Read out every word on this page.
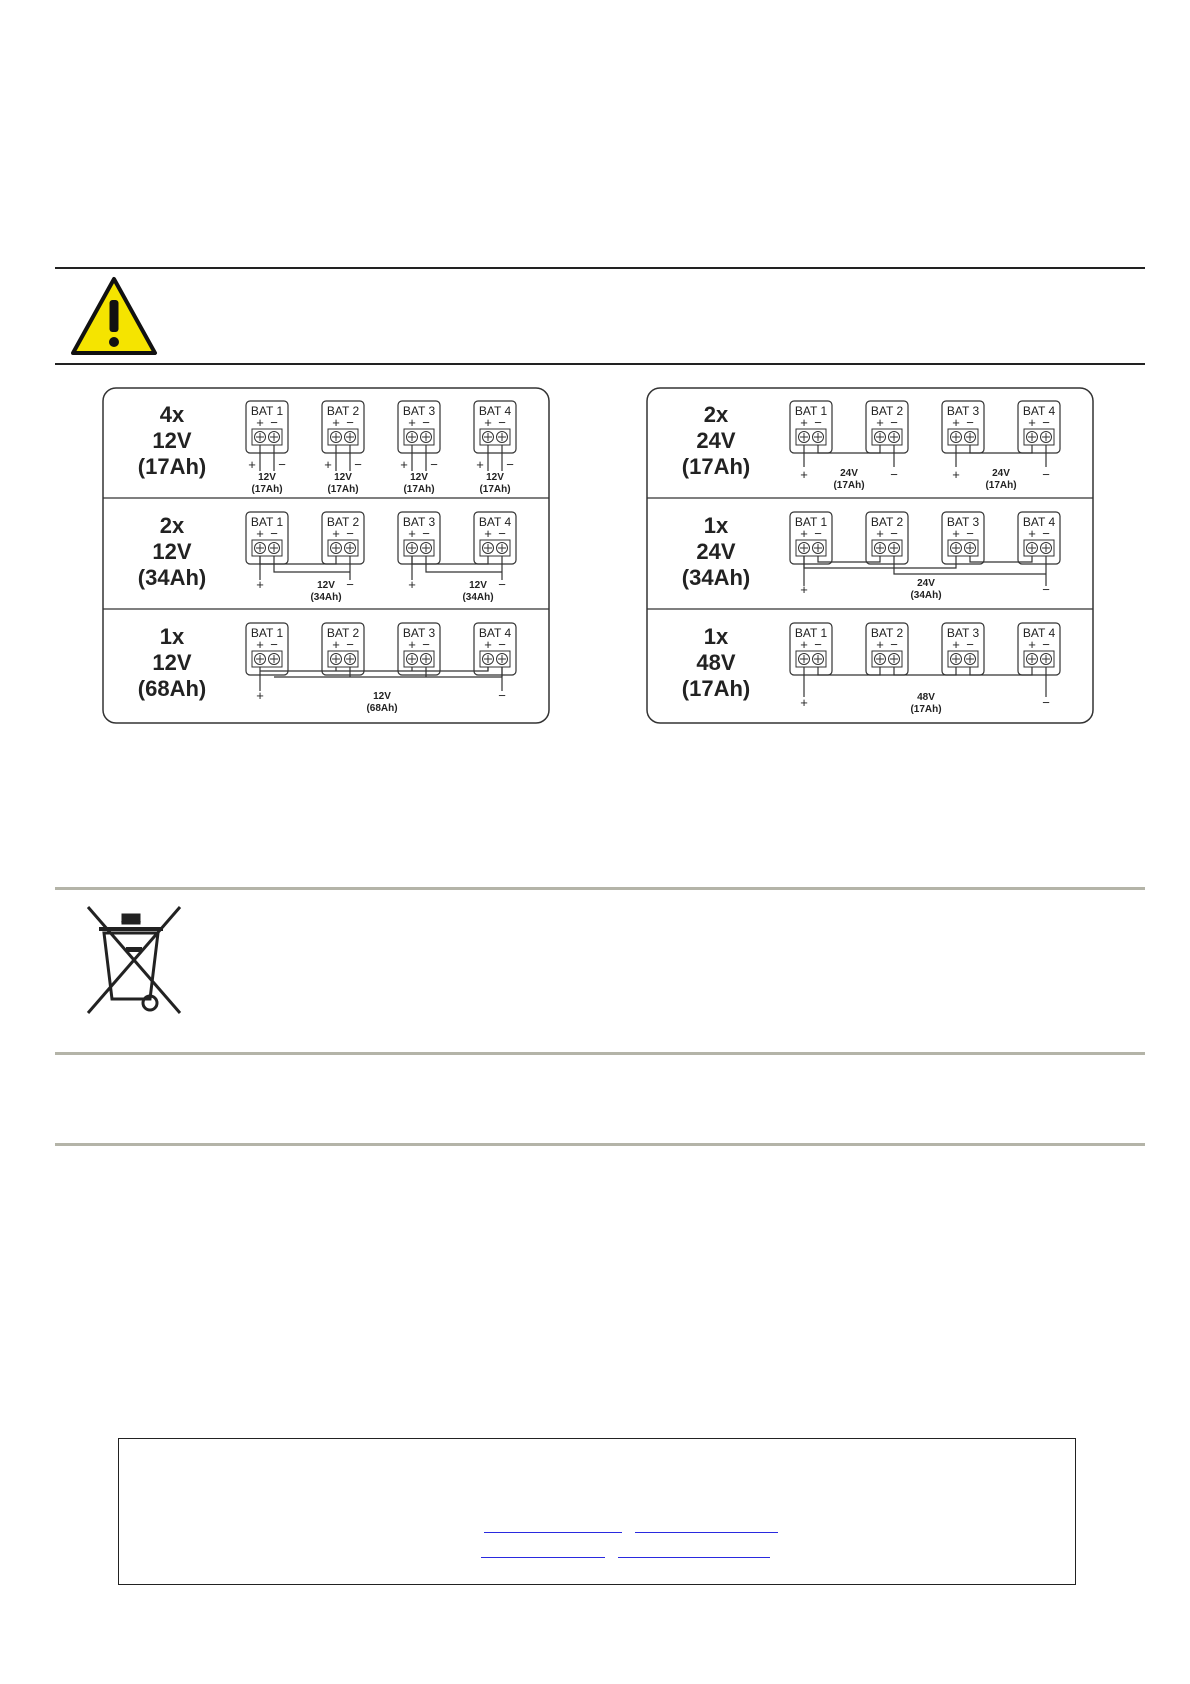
4x
12V
(17Ah)
BAT 1
+ −
BAT 2
+ −
BAT 3
+ −
BAT 4
+ −
+ −
12V
(17Ah)
+ −
12V
(17Ah)
+ −
12V
(17Ah)
+ −
12V
(17Ah)
2x
12V
(34Ah)
BAT 1
+ −
BAT 2
+ −
BAT 3
+ −
BAT 4
+ −
+	−
12V
(34Ah)
+	−
12V
(34Ah)
1x
12V
(68Ah)
BAT 1
+ −
BAT 2
+ −
BAT 3
+ −
BAT 4
+ −
+	−
12V
(68Ah)
2x
24V
(17Ah)
BAT 1
+ −
BAT 2
+ −
BAT 3
+ −
BAT 4
+ −
+	−
24V
(17Ah)
+	−
24V
(17Ah)
1x
24V
(34Ah)
BAT 1
+ −
BAT 2
+ −
BAT 3
+ −
BAT 4
+ −
+	−
24V
(34Ah)
1x
48V
(17Ah)
BAT 1
+ −
BAT 2
+ −
BAT 3
+ −
BAT 4
+ −
+	−
48V
(17Ah)
